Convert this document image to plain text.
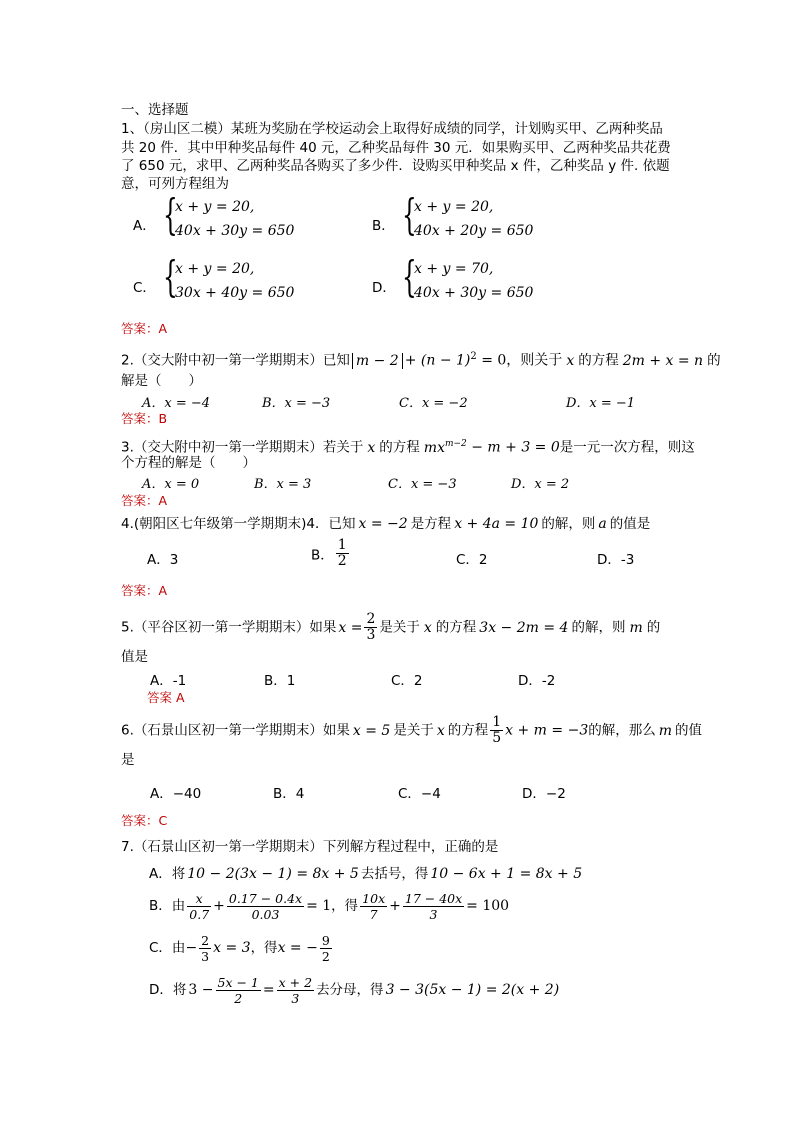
一、选择题
1、（房山区二模）某班为奖励在学校运动会上取得好成绩的同学，计划购买甲、乙两种奖品
共 20 件．其中甲种奖品每件 40 元，乙种奖品每件 30 元．如果购买甲、乙两种奖品共花费
了 650 元，求甲、乙两种奖品各购买了多少件．设购买甲种奖品 x 件，乙种奖品 y 件. 依题
意，可列方程组为
A． {
x + y = 20,
40x + 30y = 650	B． {
x + y = 20,
40x + 20y = 650
C． {
x + y = 20,
30x + 40y = 650	D． {
x + y = 70,
40x + 30y = 650
答案：A
2.（交大附中初一第一学期期末）已知 $m - 2 + (n - 1)^2 = 0$，则关于 x 的方程 2m + x = n 的
解是（　　）
A．x = −4	B．x = −3	C．x = −2	D．x = −1
答案：B
3.（交大附中初一第一学期期末）若关于 x 的方程 $mx^{m-2} - m + 3 = 0$是一元一次方程，则这
个方程的解是（　　）
A．x = 0	B．x = 3	C．x = −3	D．x = 2
答案：A
4.(朝阳区七年级第一学期期末)4．已知 x = −2 是方程 x + 4a = 10 的解，则 a 的值是
A．3	B． $\frac{1}{2}$	C．2	D．-3
答案：A
5.（平谷区初一第一学期期末）如果 $x = \frac{2}{3}$ 是关于 x 的方程 3x − 2m = 4 的解，则 m 的
值是
A．-1	B．1	C．2	D．-2
答案 A
6.（石景山区初一第一学期期末）如果 x = 5 是关于 x 的方程 $\frac{1}{5}$ x + m = −3的解，那么 m 的值
是
A．−40	B．4	C．−4	D．−2
答案：C
7.（石景山区初一第一学期期末）下列解方程过程中，正确的是
A．将 10 − 2(3x − 1) = 8x + 5 去括号，得 10 − 6x + 1 = 8x + 5
B．由 $\frac{x}{0.7} + \frac{0.17 - 0.4x}{0.03} = 1$，得 $\frac{10x}{7} + \frac{17 - 40x}{3} = 100$
C．由− $\frac{2}{3}$ x = 3，得x = − $\frac{9}{2}$
D．将 $3 - \frac{5x - 1}{2} = \frac{x + 2}{3}$ 去分母，得 3 − 3(5x − 1) = 2(x + 2)
